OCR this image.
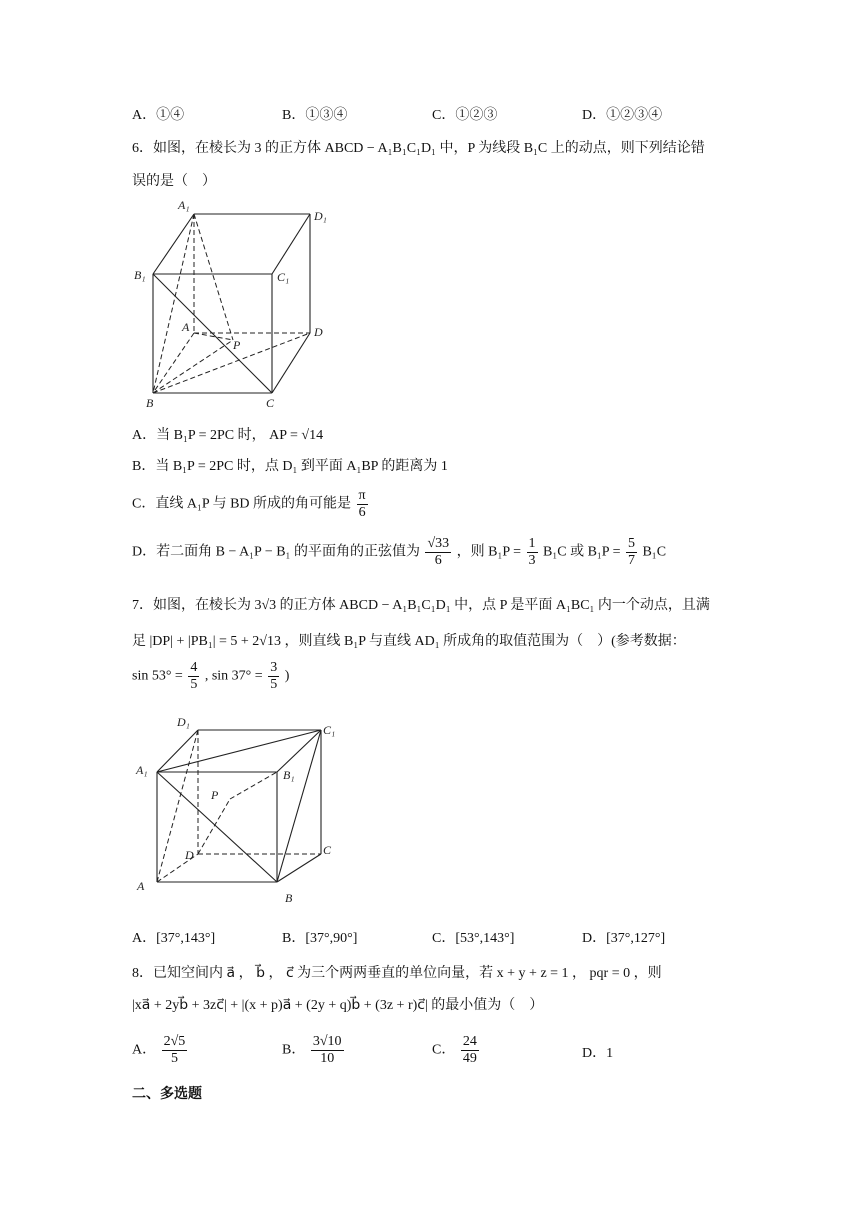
A．①④	B．①③④	C．①②③	D．①②③④
6．如图，在棱长为 3 的正方体 ABCD − A₁B₁C₁D₁ 中，P 为线段 B₁C 上的动点，则下列结论错
误的是（　）
A₁
D₁
B₁	C₁
A	D
P
B	C
A．当 B₁P = 2PC 时， AP = √14
B．当 B₁P = 2PC 时，点 D₁ 到平面 A₁BP 的距离为 1
C．直线 A₁P 与 BD 所成的角可能是 $\frac{\pi}{6}$
D．若二面角 B − A₁P − B₁ 的平面角的正弦值为 $\frac{√33}{6}$ ，则 $B_1P = \frac{1}{3} B_1C$ 或 $B_1P = \frac{5}{7} B_1C$
7．如图，在棱长为 3√3 的正方体 ABCD − A₁B₁C₁D₁ 中，点 P 是平面 A₁BC₁ 内一个动点，且满
足 |DP| + |PB₁| = 5 + 2√13 ，则直线 B₁P 与直线 AD₁ 所成角的取值范围为（　）(参考数据：
$\sin 53^\circ = \frac{4}{5}$ , $\sin 37^\circ = \frac{3}{5}$ )
D₁
C₁
A₁	B₁
P
D	C
A
B
A．[37°,143°]	B．[37°,90°]	C．[53°,143°]	D．[37°,127°]
8．已知空间内 a⃗ ， b⃗ ， c⃗ 为三个两两垂直的单位向量，若 x + y + z = 1 ， pqr = 0 ，则
|xa⃗ + 2yb⃗ + 3zc⃗| + |(x + p)a⃗ + (2y + q)b⃗ + (3z + r)c⃗| 的最小值为（　）
A． $\frac{2√5}{5}$	B． $\frac{3√10}{10}$	C． $\frac{24}{49}$	D．1
二、多选题
